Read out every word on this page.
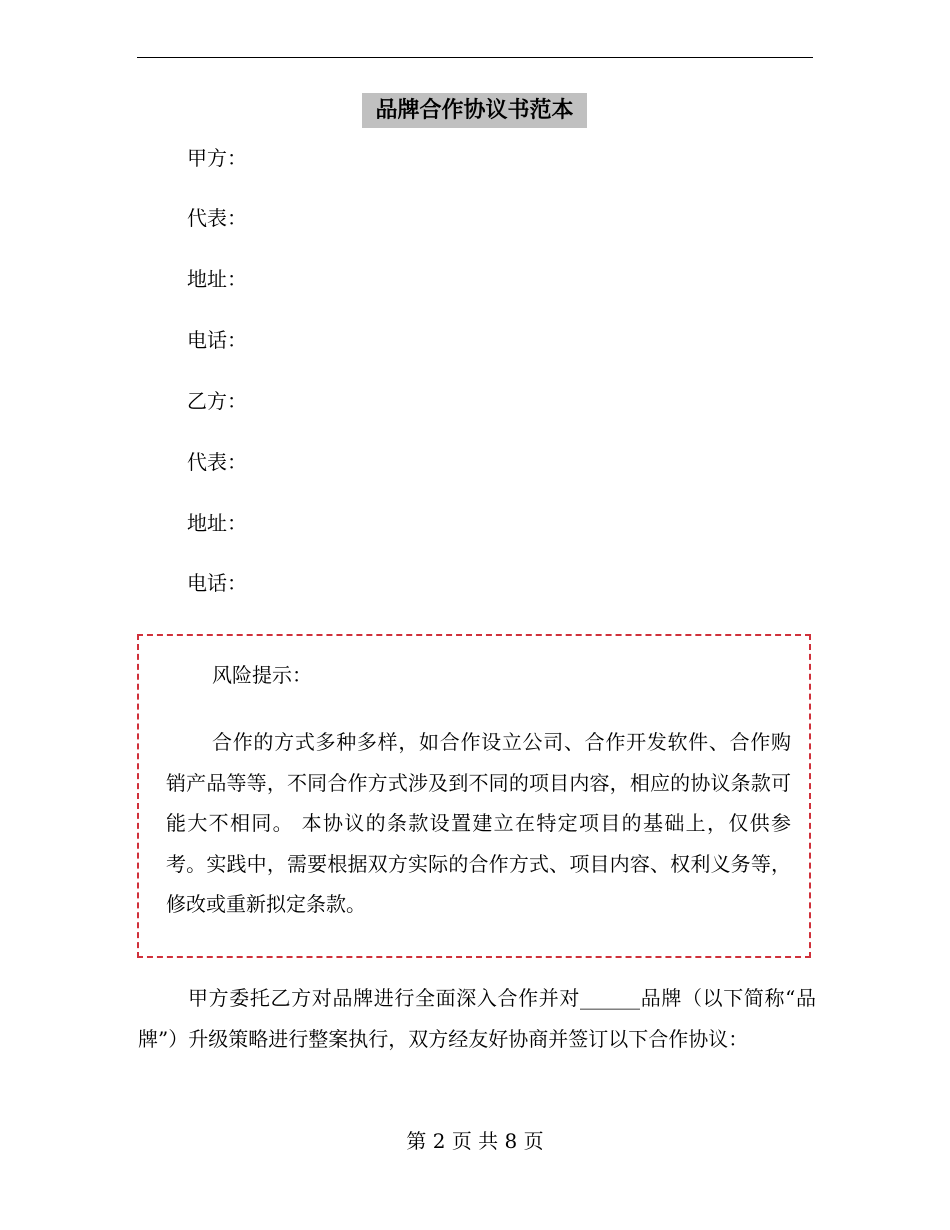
品牌合作协议书范本
甲方：
代表：
地址：
电话：
乙方：
代表：
地址：
电话：
风险提示：
合作的方式多种多样，如合作设立公司、合作开发软件、合作购销产品等等，不同合作方式涉及到不同的项目内容，相应的协议条款可能大不相同。 本协议的条款设置建立在特定项目的基础上，仅供参考。实践中，需要根据双方实际的合作方式、项目内容、权利义务等，修改或重新拟定条款。
甲方委托乙方对品牌进行全面深入合作并对______品牌（以下简称“品牌”）升级策略进行整案执行，双方经友好协商并签订以下合作协议：
第 2 页 共 8 页
